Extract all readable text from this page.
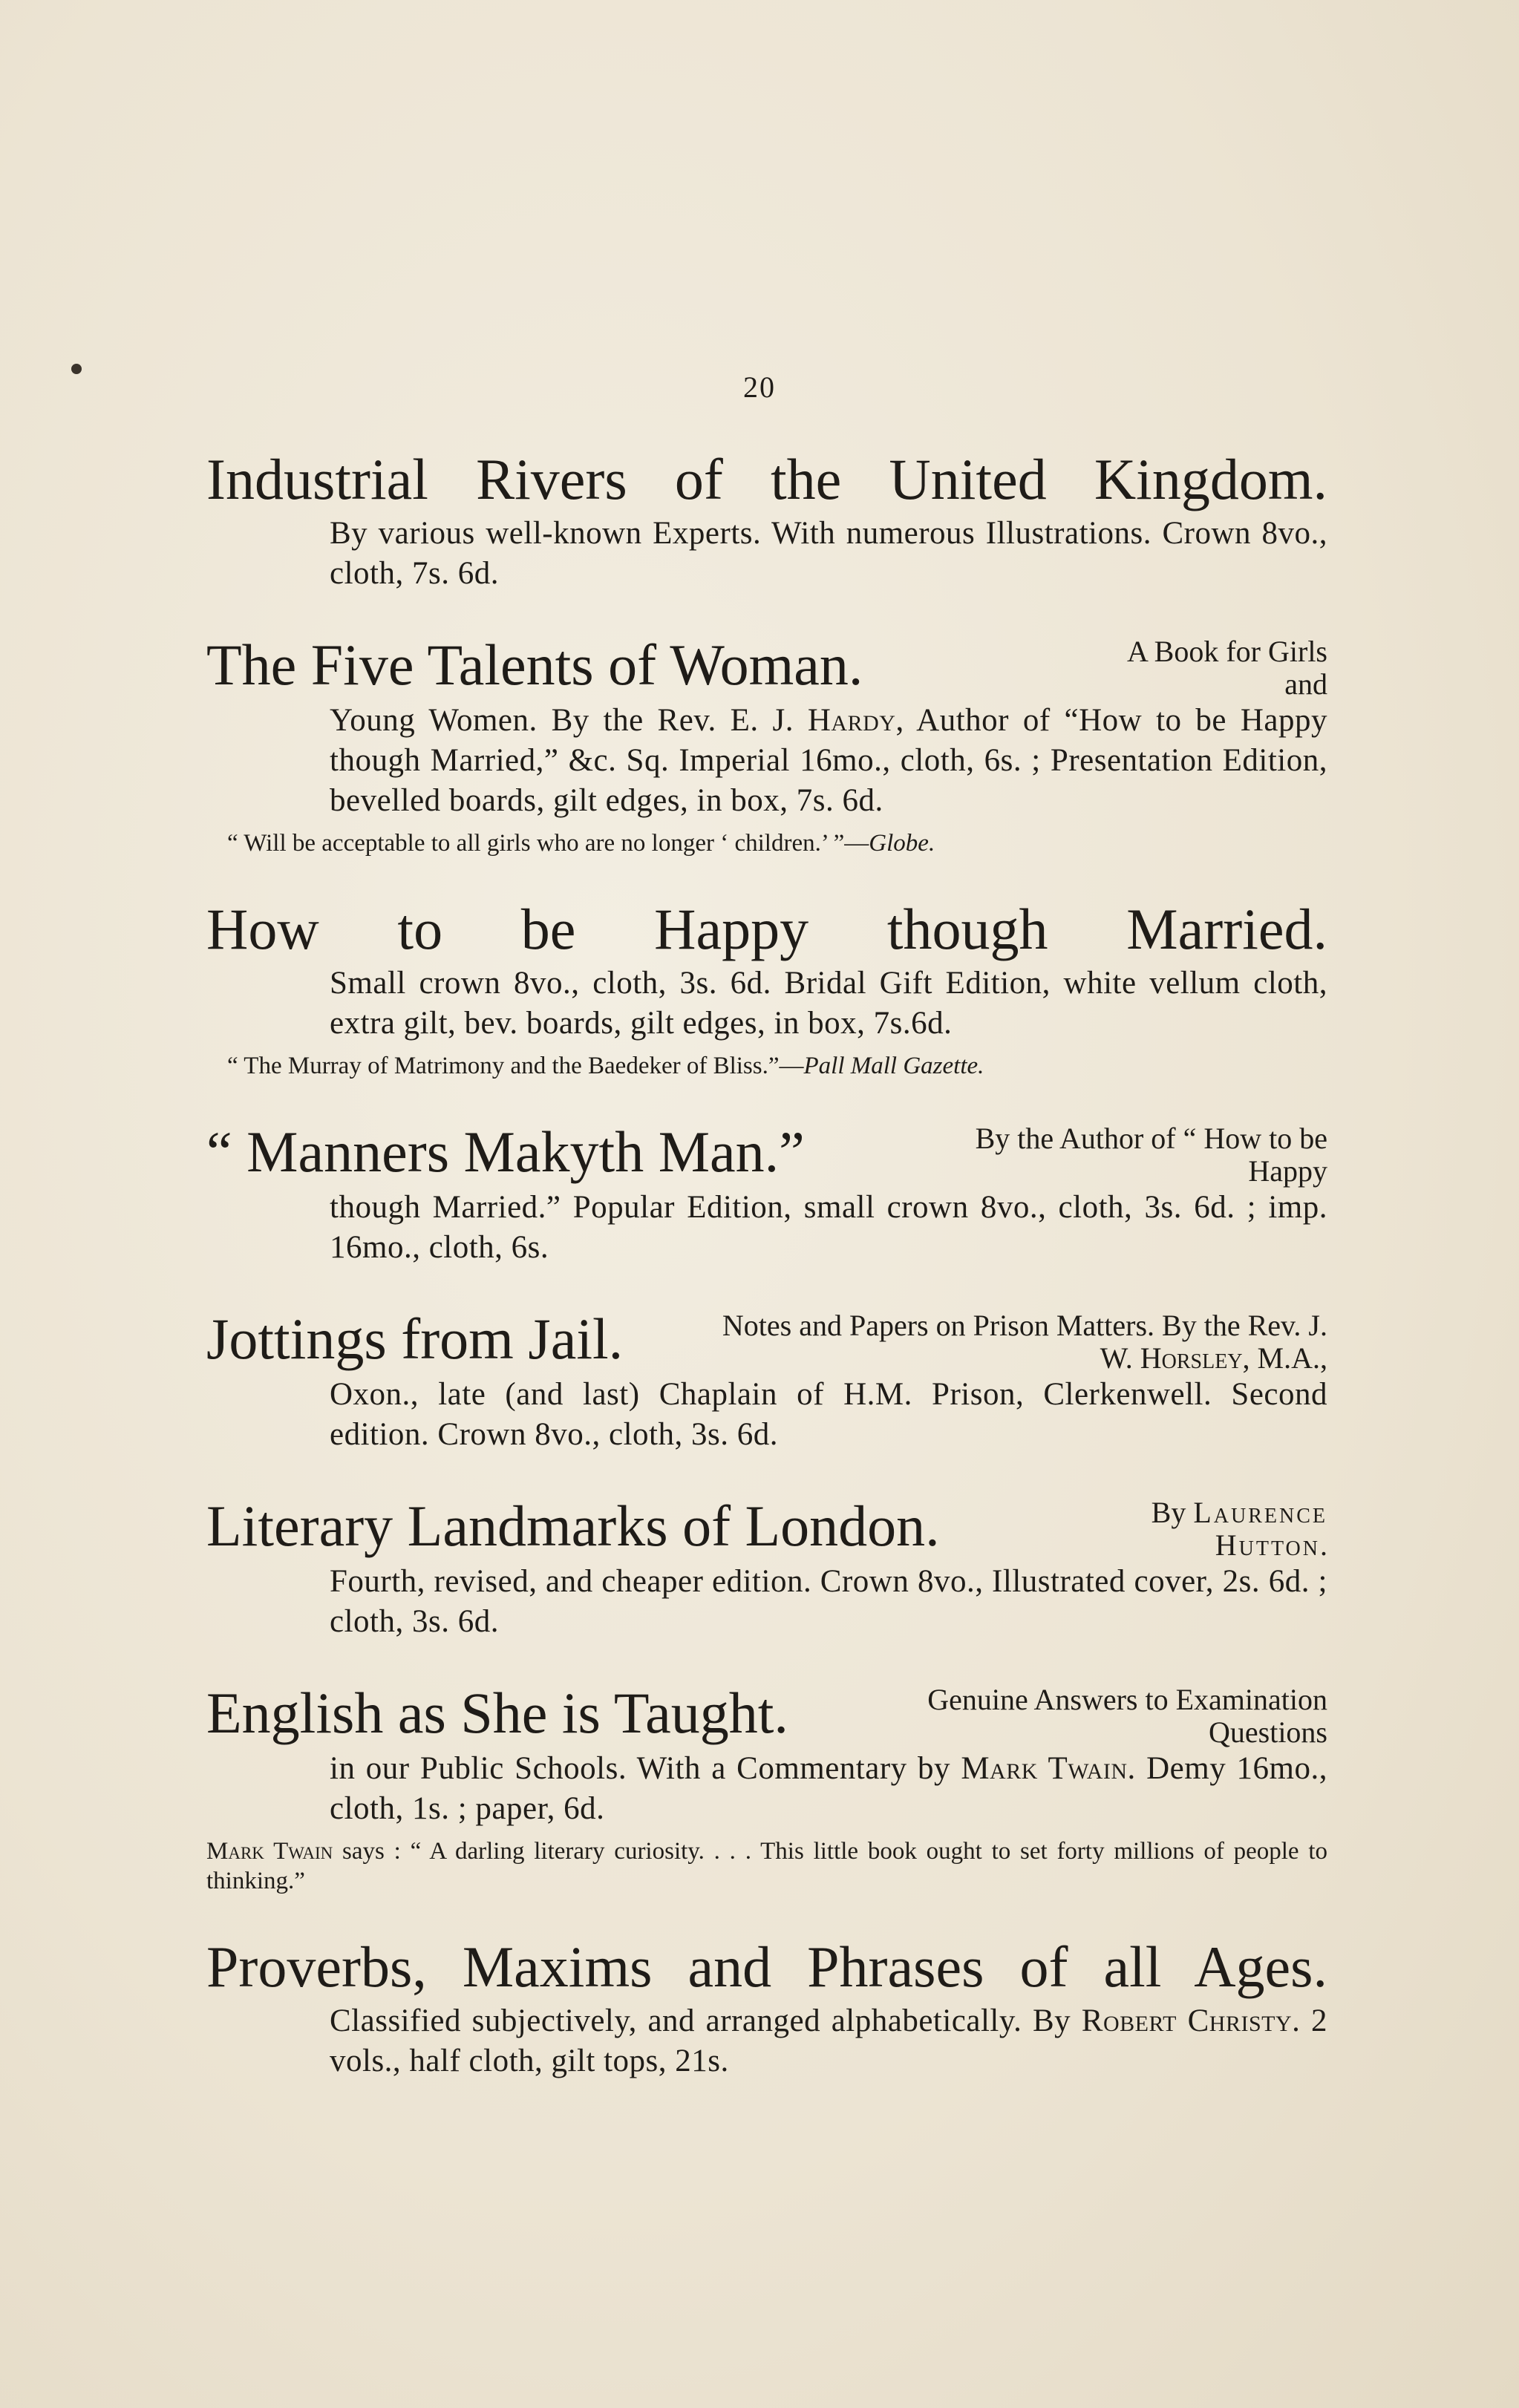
20
Industrial Rivers of the United Kingdom.
By various well-known Experts. With numerous Illustrations. Crown 8vo., cloth, 7s. 6d.
The Five Talents of Woman.	A Book for Girls and
Young Women. By the Rev. E. J. Hardy, Author of “How to be Happy though Married,” &c. Sq. Imperial 16mo., cloth, 6s. ; Presentation Edition, bevelled boards, gilt edges, in box, 7s. 6d.
“ Will be acceptable to all girls who are no longer ‘ children.’ ”—Globe.
How to be Happy though Married.
Small crown 8vo., cloth, 3s. 6d. Bridal Gift Edition, white vellum cloth, extra gilt, bev. boards, gilt edges, in box, 7s.6d.
“ The Murray of Matrimony and the Baedeker of Bliss.”—Pall Mall Gazette.
“ Manners Makyth Man.”	By the Author of “ How to be Happy
though Married.” Popular Edition, small crown 8vo., cloth, 3s. 6d. ; imp. 16mo., cloth, 6s.
Jottings from Jail.	Notes and Papers on Prison Matters. By the Rev. J. W. Horsley, M.A.,
Oxon., late (and last) Chaplain of H.M. Prison, Clerkenwell. Second edition. Crown 8vo., cloth, 3s. 6d.
Literary Landmarks of London.	By Laurence Hutton.
Fourth, revised, and cheaper edition. Crown 8vo., Illustrated cover, 2s. 6d. ; cloth, 3s. 6d.
English as She is Taught.	Genuine Answers to Examination Questions
in our Public Schools. With a Commentary by Mark Twain. Demy 16mo., cloth, 1s. ; paper, 6d.
Mark Twain says : “ A darling literary curiosity. . . . This little book ought to set forty millions of people to thinking.”
Proverbs, Maxims and Phrases of all Ages.
Classified subjectively, and arranged alphabetically. By Robert Christy. 2 vols., half cloth, gilt tops, 21s.
